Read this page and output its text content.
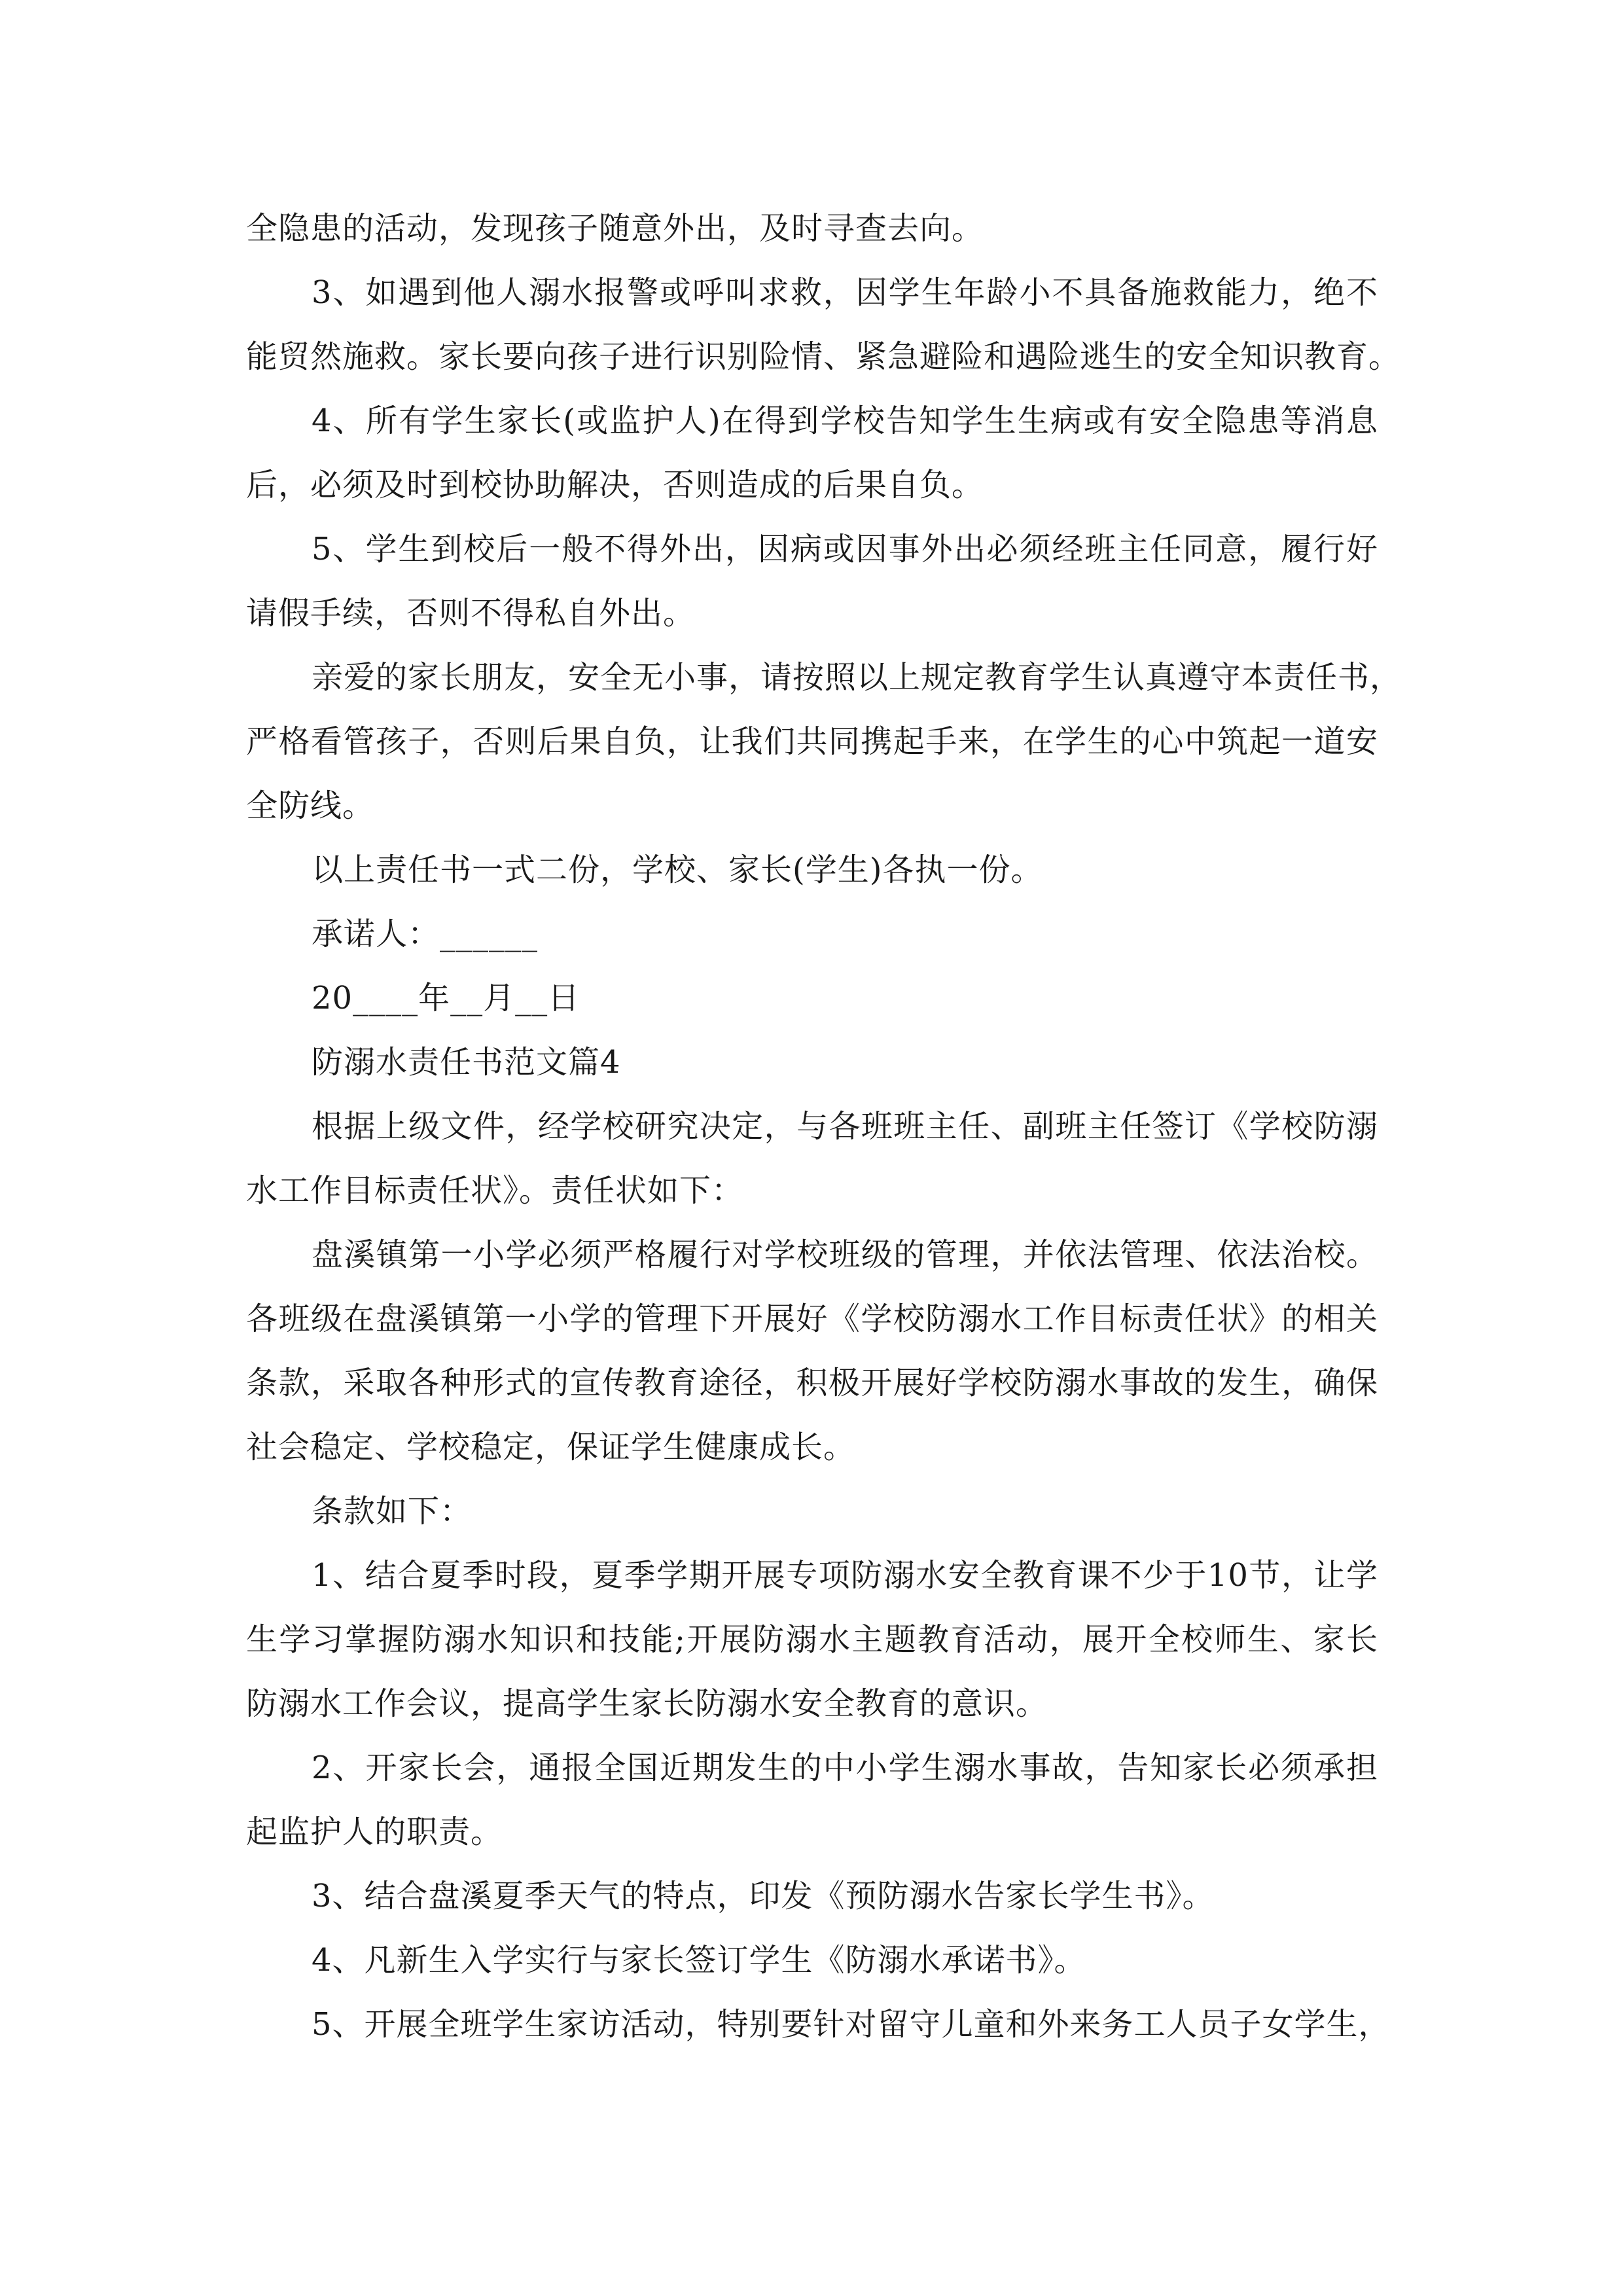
全隐患的活动，发现孩子随意外出，及时寻查去向。
3、如遇到他人溺水报警或呼叫求救，因学生年龄小不具备施救能力，绝不
能贸然施救。家长要向孩子进行识别险情、紧急避险和遇险逃生的安全知识教育。
4、所有学生家长(或监护人)在得到学校告知学生生病或有安全隐患等消息
后，必须及时到校协助解决，否则造成的后果自负。
5、学生到校后一般不得外出，因病或因事外出必须经班主任同意，履行好
请假手续，否则不得私自外出。
亲爱的家长朋友，安全无小事，请按照以上规定教育学生认真遵守本责任书，
严格看管孩子，否则后果自负，让我们共同携起手来，在学生的心中筑起一道安
全防线。
以上责任书一式二份，学校、家长(学生)各执一份。
承诺人：______
20____年__月__日
防溺水责任书范文篇4
根据上级文件，经学校研究决定，与各班班主任、副班主任签订《学校防溺
水工作目标责任状》。责任状如下：
盘溪镇第一小学必须严格履行对学校班级的管理，并依法管理、依法治校。
各班级在盘溪镇第一小学的管理下开展好《学校防溺水工作目标责任状》的相关
条款，采取各种形式的宣传教育途径，积极开展好学校防溺水事故的发生，确保
社会稳定、学校稳定，保证学生健康成长。
条款如下：
1、结合夏季时段，夏季学期开展专项防溺水安全教育课不少于10节，让学
生学习掌握防溺水知识和技能;开展防溺水主题教育活动，展开全校师生、家长
防溺水工作会议，提高学生家长防溺水安全教育的意识。
2、开家长会，通报全国近期发生的中小学生溺水事故，告知家长必须承担
起监护人的职责。
3、结合盘溪夏季天气的特点，印发《预防溺水告家长学生书》。
4、凡新生入学实行与家长签订学生《防溺水承诺书》。
5、开展全班学生家访活动，特别要针对留守儿童和外来务工人员子女学生，
